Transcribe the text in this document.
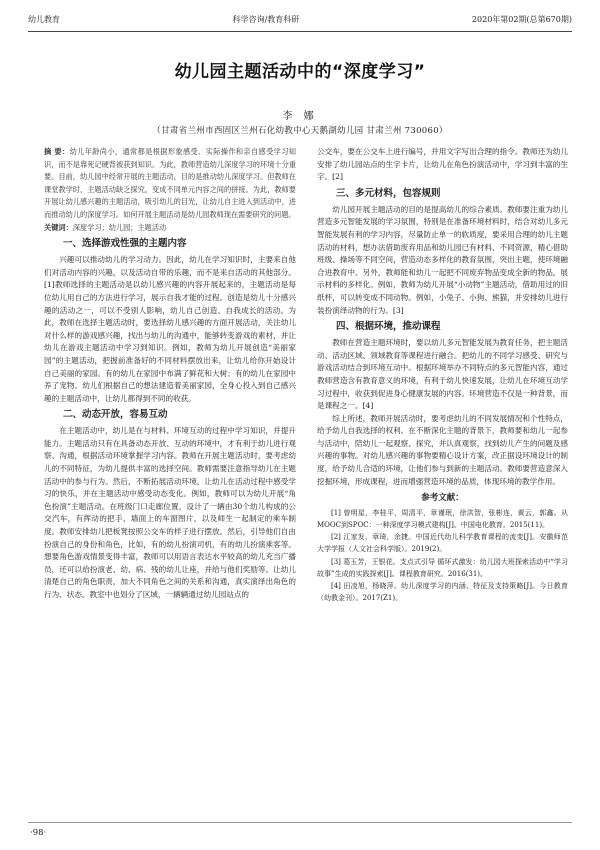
幼儿教育	科学咨询/教育科研	2020年第02期(总第670期)
幼儿园主题活动中的“深度学习”
李 娜
（甘肃省兰州市西固区兰州石化幼教中心天鹅湖幼儿园 甘肃兰州 730060）

摘 要：幼儿年龄尚小，通常都是根据形象感受、实际操作和亲自感受学习知识，而不是靠死记硬背被获到知识。为此，教师营造幼儿深度学习的环境十分重要。目前，幼儿园中经常开展的主题活动，目的是推动幼儿深度学习。但教师在课堂教学时，主题活动缺乏探究，变成不同单元内容之间的拼接。为此，教师要开展让幼儿感兴趣的主题活动，吸引幼儿的目光，让幼儿自主进入到活动中，进而推动幼儿的深度学习。如何开展主题活动是幼儿园教师现在需要研究的问题。

关键词：深度学习；幼儿园；主题活动

一、选择游戏性强的主题内容

兴趣可以推动幼儿的学习动力。因此，幼儿在学习知识时，主要来自他们对活动内容的兴趣，以及活动自带的乐趣，而不是来自活动的其他部分。[1]教师选择的主题活动是以幼儿感兴趣的内容开展起来的，主题活动是每位幼儿用自己的方法进行学习，展示自我才能的过程。创造是幼儿十分感兴趣的活动之一，可以不受别人影响，幼儿自己创造、自我成长的活动。为此，教师在选择主题活动时，要选择幼儿感兴趣的方面开展活动，关注幼儿对什么样的游戏感兴趣，找出与幼儿的沟通中，能够转变游戏的素材，并让幼儿在游戏主题活动中学习到知识。例如，教师为幼儿开展创造“美丽家园”的主题活动，把握前准备好的不同材料摆放出来，让幼儿给你开始设计自己美丽的家园。有的幼儿在家园中布满了鲜花和大树；有的幼儿在家园中养了宠物。幼儿们根据自己的想法建造着美丽家园，全身心投入到自己感兴趣的主题活动中，让幼儿都得到不同的收获。

二、动态开放，容易互动

在主题活动中，幼儿是在与材料、环境互动的过程中学习知识，并提升能力。主题活动只有在具备动态开放、互动的环境中，才有利于幼儿进行观察、沟通，根据活动环境掌握学习内容。教师在开展主题活动时，要考虑幼儿的不同特征，为幼儿提供丰富的选择空间。教师需要注意指导幼儿在主题活动中的参与行为。然后，不断拓展活动环境，让幼儿在活动过程中感受学习的快乐，并在主题活动中感受动态变化。例如，教师可以为幼儿开展“角色扮演”主题活动。在班级门口走廊位置，设计了一辆由30个幼儿构成的公交汽车，有挥动的把手、墙面上的车窗图片，以及师生一起制定的乘车制度。教师安排幼儿把板凳按照公交车的样子进行摆放。然后，引导他们自由扮演自己的身份和角色，比如，有的幼儿扮演司机，有的幼儿扮演乘客等。想要角色游戏情景变得丰富，教师可以用语言表达水平较高的幼儿充当广播员，还可以给扮演老、幼、病、残的幼儿让座，并给与他们奖励等。让幼儿清楚自己的角色职责，加大不同角色之间的关系和沟通，真实演绎出角色的行为、状态。教室中也划分了区域，一辆辆通过幼儿园站点的

公交车，要在公交车上进行编号，并用文字写出合理的指令。教师还为幼儿安排了幼儿园站点的生字卡片，让幼儿在角色扮演活动中，学习到丰富的生字。[2]

三、多元材料，包容规则

幼儿园开展主题活动的目的是提高幼儿的综合素质。教师要注重为幼儿营造多元智能发展的学习氛围，特别是在准备环境材料时，结合对幼儿多元智能发展有利的学习内容，尽量防止单一的软质度，要采用合理的幼儿主题活动的材料，想办法借助废弃用品和幼儿园已有材料、不同资源，精心借助班级、操场等不同空间，营造动态多样化的教育氛围，突出主题，使环境融合进教育中。另外，教师能和幼儿一起把不同废弃物品变成全新的物品，展示材料的多样化。例如，教师为幼儿开展“小动物”主题活动，借助用过的旧纸杯，可以转变成不同动物。例如，小兔子、小狗、熊猫，并安排幼儿进行装扮演绎动物的行为。[3]

四、根据环境，推动课程

教师在营造主题环境时，要以幼儿多元智能发展为教育任务，把主题活动、活动区域、领域教育等课程进行融合。把幼儿的不同学习感受、研究与游戏活动结合到环境互动中。根据环境举办不同特点的多元智能内容，通过教师营造含有教育意义的环境，有利于幼儿快速发展，让幼儿在环境互动学习过程中，收获到促进身心健康发展的内容。环境营造不仅是一种背景，而是课程之一。[4]

综上所述，教师开展活动时，要考虑幼儿的不同发展情况和个性特点，给予幼儿自我选择的权利。在不断深化主题的背景下，教师要和幼儿一起参与活动中，陪幼儿一起观察、探究，并认真观察，找到幼儿产生的问题及感兴趣的事物。对幼儿感兴趣的事物要精心设计方案，改正据设环境设计的制度，给予幼儿合适的环境，让他们参与到新的主题活动。教师要营造意深入挖掘环境，形成课程，进而增强营造环境的品质，体现环境的教学作用。

参考文献：

[1] 曾明星，李桂平，周清平，章谨珉，徐洪智，张彬连，黄云，郭鑫。从MOOC到SPOC：一种深度学习模式建构[J]。中国电化教育。2015(11)。

[2] 江家发，章琦，余捷。中国近代幼儿科学教育课程的流变[J]。安徽师范大学学报（人文社会科学版）。2019(2)。

[3] 葛玉芳，王银花。支点式引导 循环式激发：幼儿园大班探索活动中“学习故事”生成的实践探索[J]。课程教育研究。2016(31)。

[4] 田凌旭，杨晓萍。幼儿深度学习的内涵、特征及支持策略[J]。今日教育（幼教金刊）。2017(Z1)。

·98·
